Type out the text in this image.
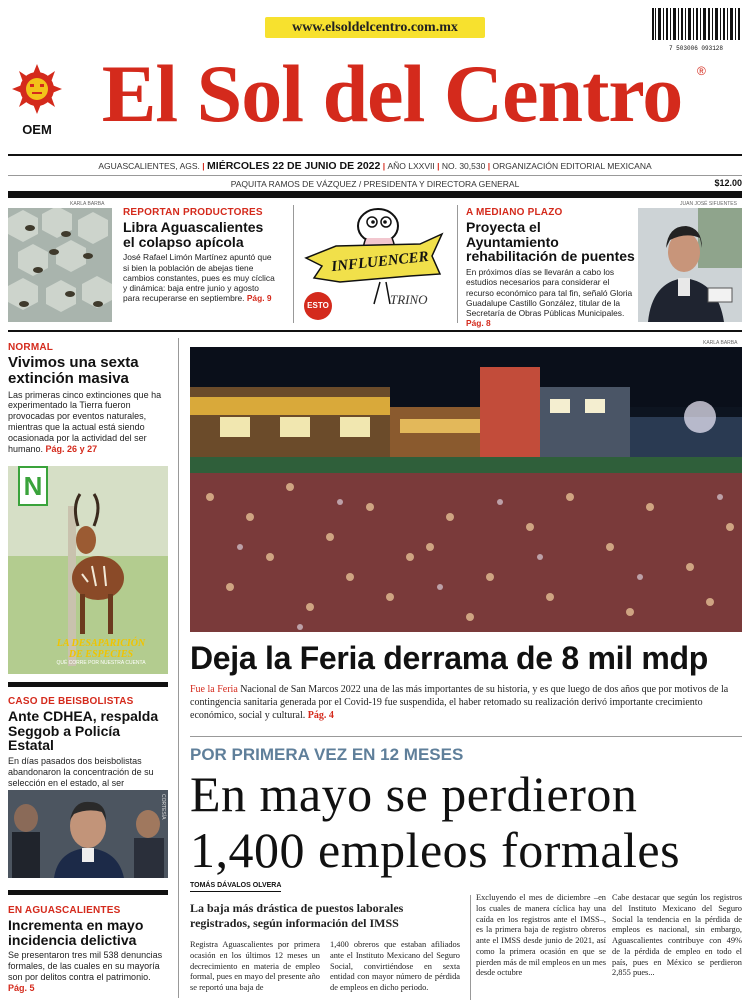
www.elsoldelcentro.com.mx
7 503006 093128
OEM El Sol del Centro	®
AGUASCALIENTES, AGS. | MIÉRCOLES 22 DE JUNIO DE 2022 | AÑO LXXVII | NO. 30,530 | ORGANIZACIÓN EDITORIAL MEXICANA
PAQUITA RAMOS DE VÁZQUEZ / PRESIDENTA Y DIRECTORA GENERAL	$12.00
KARLA BARBA
REPORTAN PRODUCTORES
Libra Aguascalientes el colapso apícola
José Rafael Limón Martínez apuntó que si bien la población de abejas tiene cambios constantes, pues es muy cíclica y dinámica: baja entre junio y agosto para recuperarse en septiembre. Pág. 9
INFLUENCER
TRINO
ESTO
A MEDIANO PLAZO
Proyecta el Ayuntamiento rehabilitación de puentes
En próximos días se llevarán a cabo los estudios necesarios para considerar el recurso económico para tal fin, señaló Gloria Guadalupe Castillo González, titular de la Secretaría de Obras Públicas Municipales. Pág. 8
JUAN JOSÉ SIFUENTES
NORMAL
Vivimos una sexta extinción masiva
Las primeras cinco extinciones que ha experimentado la Tierra fueron provocadas por eventos naturales, mientras que la actual está siendo ocasionada por la actividad del ser humano. Pág. 26 y 27
N
LA DESAPARICIÓN
DE ESPECIES
QUÉ CORRE POR NUESTRA CUENTA
CASO DE BEISBOLISTAS
Ante CDHEA, respalda Seggob a Policía Estatal
En días pasados dos beisbolistas abandonaron la concentración de su selección en el estado, al ser
CORTESÍA
EN AGUASCALIENTES
Incrementa en mayo incidencia delictiva
Se presentaron tres mil 538 denuncias formales, de las cuales en su mayoría son por delitos contra el patrimonio. Pág. 5
KARLA BARBA
Deja la Feria derrama de 8 mil mdp
Fue la Feria Nacional de San Marcos 2022 una de las más importantes de su historia, y es que luego de dos años que por motivos de la contingencia sanitaria generada por el Covid-19 fue suspendida, el haber retomado su realización derivó importante crecimiento económico, social y cultural. Pág. 4
POR PRIMERA VEZ EN 12 MESES
En mayo se perdieron
1,400 empleos formales
TOMÁS DÁVALOS OLVERA
La baja más drástica de puestos laborales registrados, según información del IMSS
Registra Aguascalientes por primera ocasión en los últimos 12 meses un decrecimiento en materia de empleo formal, pues en mayo del presente año se reportó una baja de
1,400 obreros que estaban afiliados ante el Instituto Mexicano del Seguro Social, convirtiéndose en sexta entidad con mayor número de pérdida de empleos en dicho periodo.
Excluyendo el mes de diciembre –en los cuales de manera cíclica hay una caída en los registros ante el IMSS–, es la primera baja de registro obreros ante el IMSS desde junio de 2021, así como la primera ocasión en que se pierden más de mil empleos en un mes desde octubre
Cabe destacar que según los registros del Instituto Mexicano del Seguro Social la tendencia en la pérdida de empleos es nacional, sin embargo, Aguascalientes contribuye con 49% de la pérdida de empleo en todo el país, pues en México se perdieron 2,855 pues...
